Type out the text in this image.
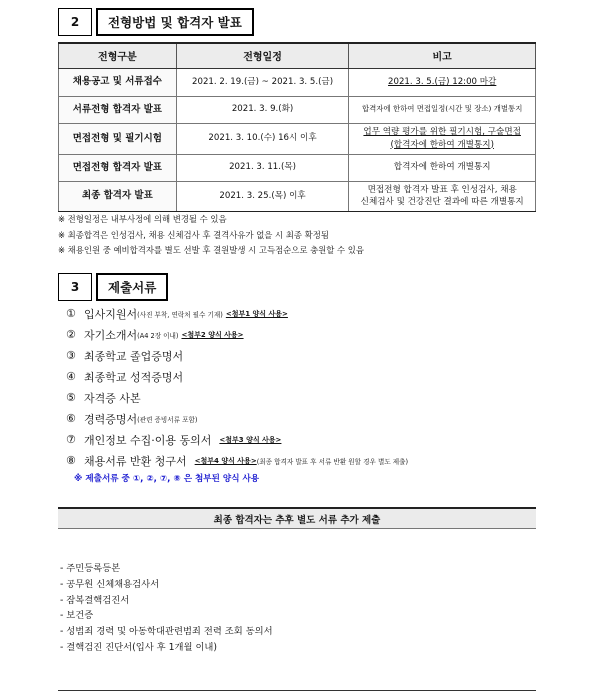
2	전형방법 및 합격자 발표
전형구분	전형일정	비고
채용공고 및 서류접수	2021. 2. 19.(금) ~ 2021. 3. 5.(금)	2021. 3. 5.(금) 12:00 마감
서류전형 합격자 발표	2021. 3. 9.(화)	합격자에 한하여 면접일정(시간 및 장소) 개별통지
면접전형 및 필기시험	2021. 3. 10.(수) 16시 이후	업무 역량 평가를 위한 필기시험, 구술면접
(합격자에 한하여 개별통지)

면접전형 합격자 발표	2021. 3. 11.(목)	합격자에 한하여 개별통지
최종 합격자 발표	2021. 3. 25.(목) 이후	면접전형 합격자 발표 후 인성검사, 채용
신체검사 및 건강진단 결과에 따른 개별통지
※ 전형일정은 내부사정에 의해 변경될 수 있음
※ 최종합격은 인성검사, 채용 신체검사 후 결격사유가 없을 시 최종 확정됨
※ 채용인원 중 예비합격자를 별도 선발 후 결원발생 시 고득점순으로 충원할 수 있음
3	제출서류
① 입사지원서 (사진 부착, 연락처 필수 기재) <첨부1 양식 사용>
② 자기소개서 (A4 2장 이내) <첨부2 양식 사용>
③ 최종학교 졸업증명서
④ 최종학교 성적증명서
⑤ 자격증 사본
⑥ 경력증명서 (관련 증빙서류 포함)
⑦ 개인정보 수집·이용 동의서 <첨부3 양식 사용>
⑧ 채용서류 반환 청구서 <첨부4 양식 사용> (최종 합격자 발표 후 서류 반환 원할 경우 별도 제출)
※ 제출서류 중 ①, ②, ⑦, ⑧ 은 첨부된 양식 사용
최종 합격자는 추후 별도 서류 추가 제출
- 주민등록등본
- 공무원 신체채용검사서
- 잠복결핵검진서
- 보건증
- 성범죄 경력 및 아동학대관련범죄 전력 조회 동의서
- 결핵검진 진단서(입사 후 1개월 이내)
